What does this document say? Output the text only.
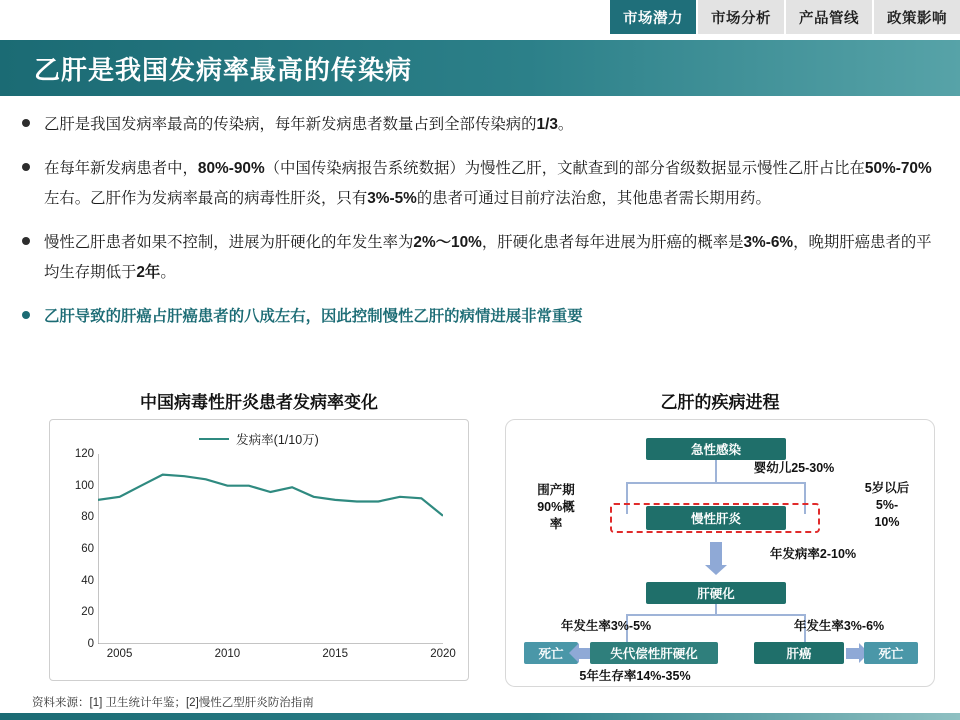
市场潜力	市场分析	产品管线	政策影响
乙肝是我国发病率最高的传染病
乙肝是我国发病率最高的传染病，每年新发病患者数量占到全部传染病的1/3。
在每年新发病患者中，80%-90%（中国传染病报告系统数据）为慢性乙肝，文献查到的部分省级数据显示慢性乙肝占比在50%-70%左右。乙肝作为发病率最高的病毒性肝炎，只有3%-5%的患者可通过目前疗法治愈，其他患者需长期用药。
慢性乙肝患者如果不控制，进展为肝硬化的年发生率为2%～10%，肝硬化患者每年进展为肝癌的概率是3%-6%，晚期肝癌患者的平均生存期低于2年。
乙肝导致的肝癌占肝癌患者的八成左右，因此控制慢性乙肝的病情进展非常重要
中国病毒性肝炎患者发病率变化
发病率(1/10万)
0
20
40
60
80
100
120
2005	2010	2015	2020
乙肝的疾病进程
急性感染
婴幼儿25-30%
围产期
90%概
率
5岁以后
5%-
10%
慢性肝炎
年发病率2-10%
肝硬化
年发生率3%-5%	年发生率3%-6%
死亡	失代偿性肝硬化	肝癌	死亡
5年生存率14%-35%
资料来源：[1] 卫生统计年鉴；[2]慢性乙型肝炎防治指南
